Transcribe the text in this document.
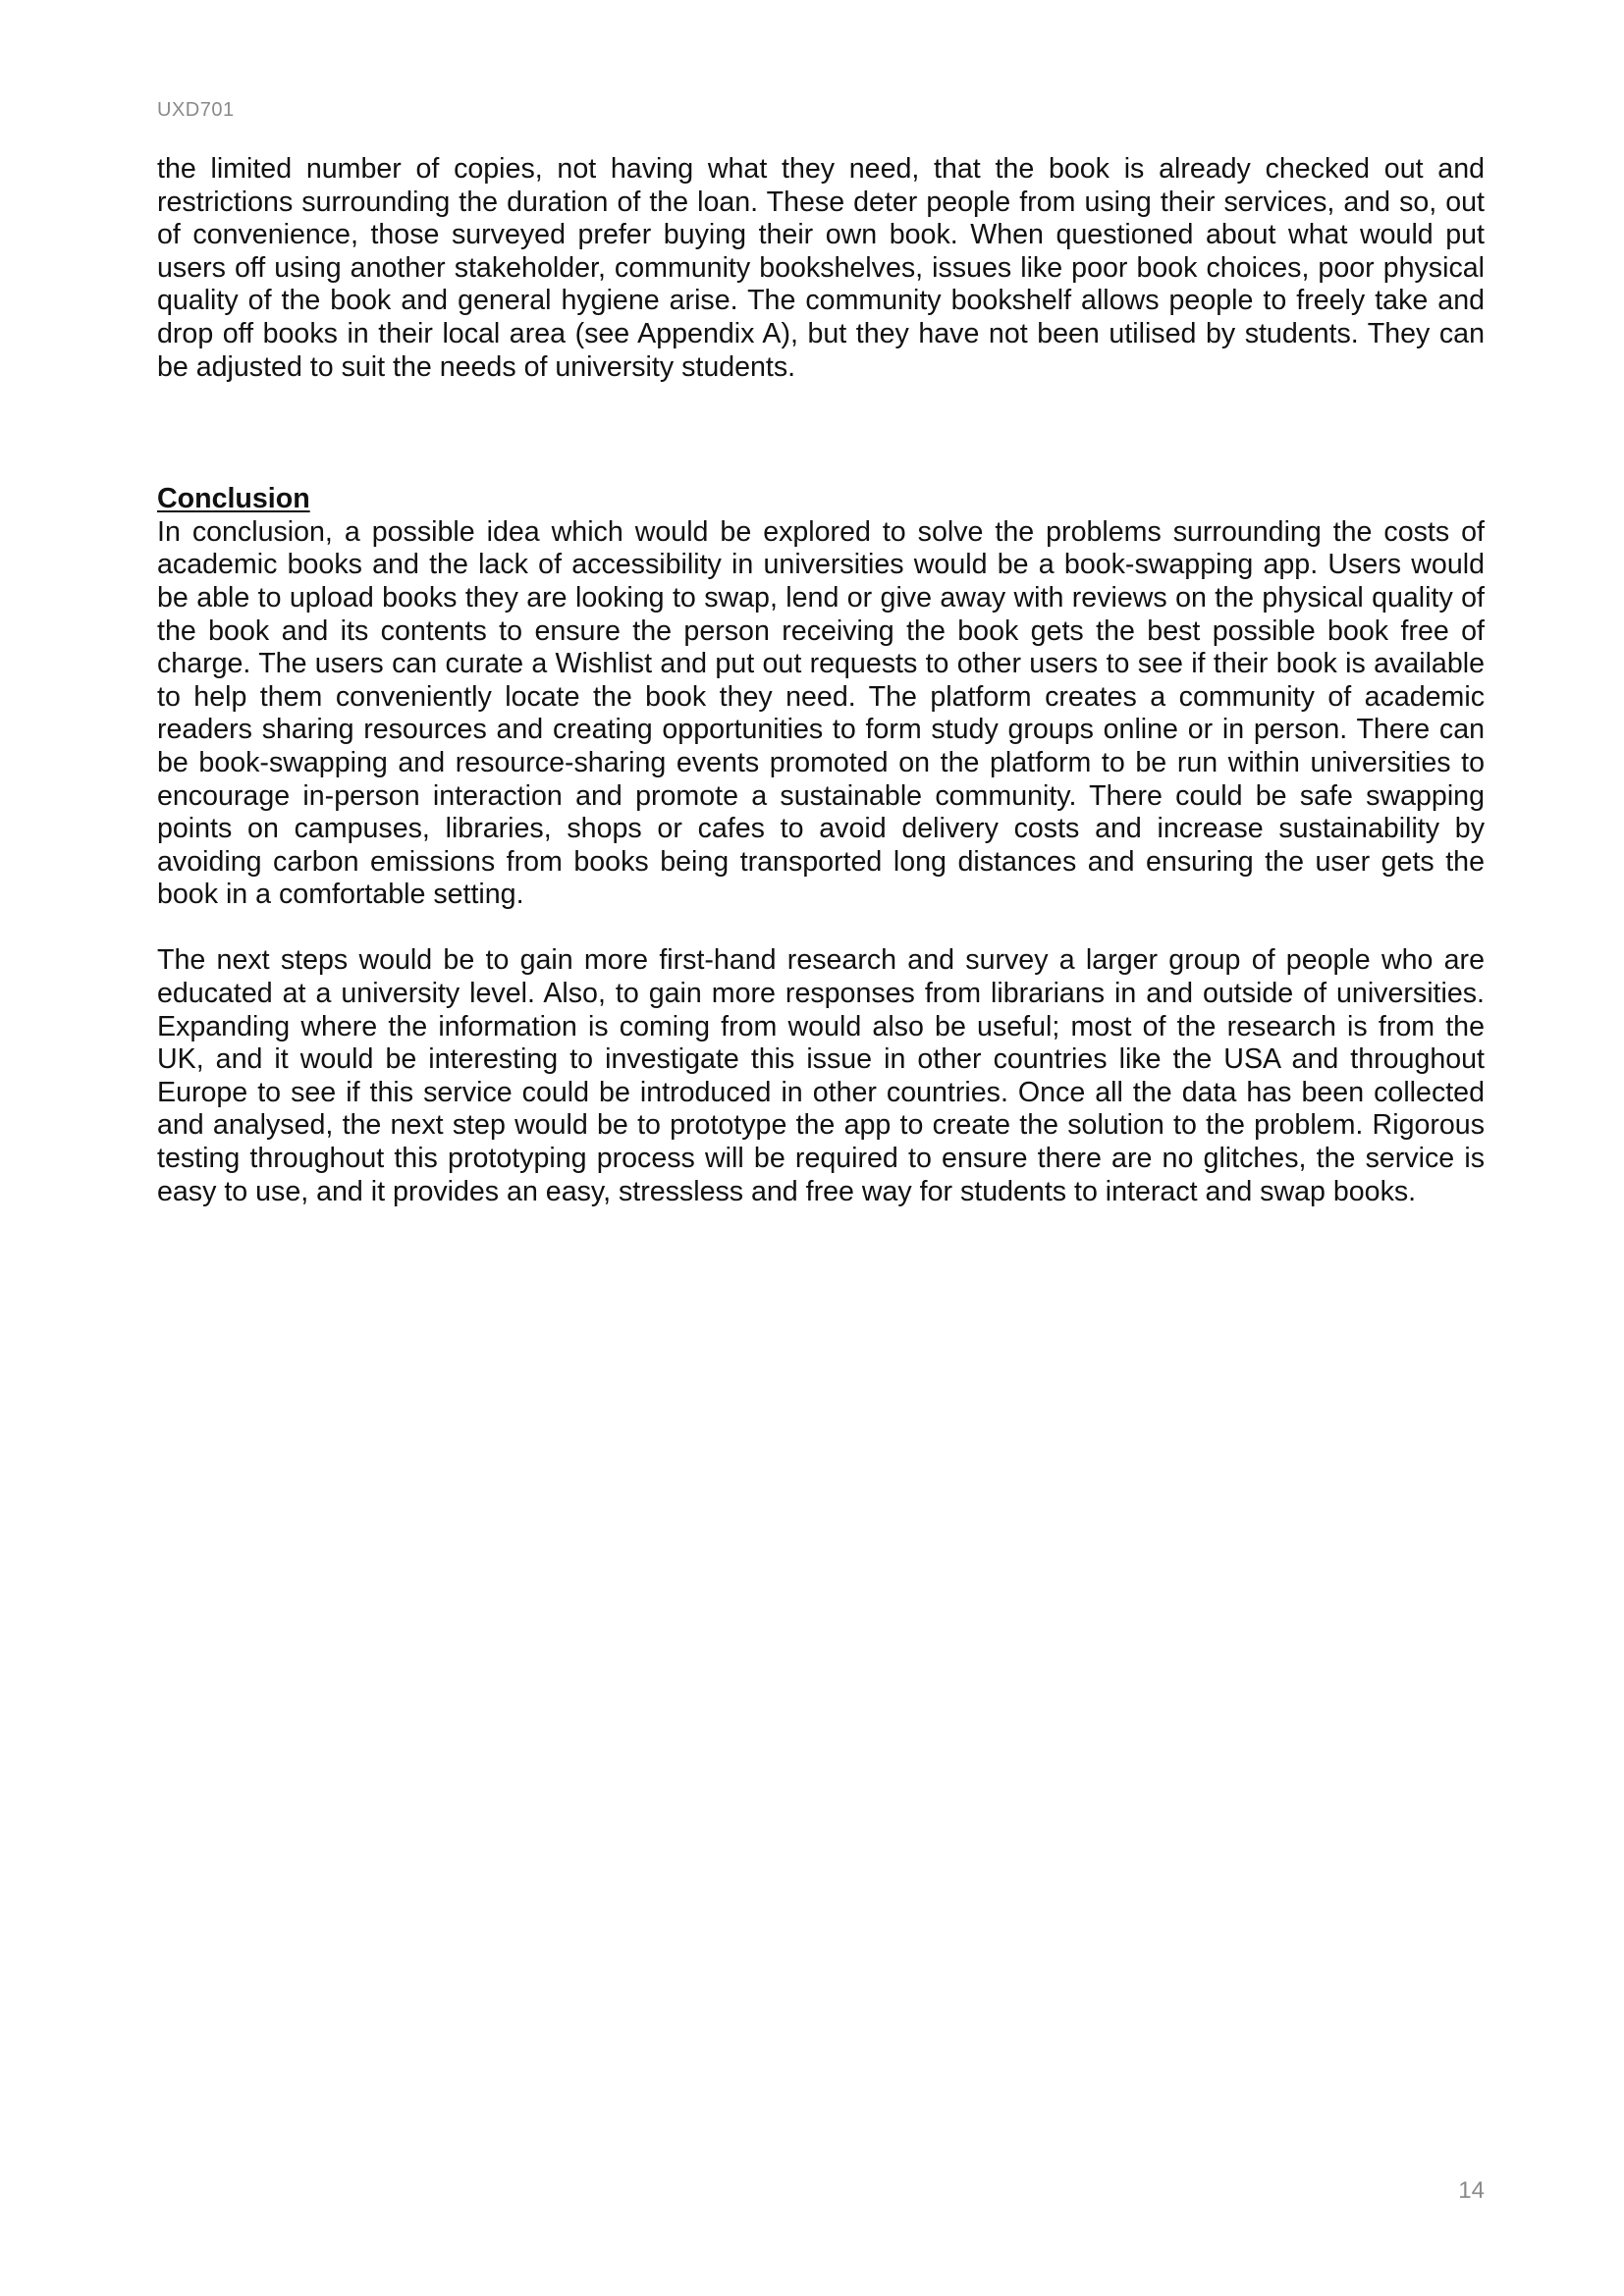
UXD701

the limited number of copies, not having what they need, that the book is already checked out and restrictions surrounding the duration of the loan. These deter people from using their services, and so, out of convenience, those surveyed prefer buying their own book. When questioned about what would put users off using another stakeholder, community bookshelves, issues like poor book choices, poor physical quality of the book and general hygiene arise. The community bookshelf allows people to freely take and drop off books in their local area (see Appendix A), but they have not been utilised by students. They can be adjusted to suit the needs of university students.

Conclusion

In conclusion, a possible idea which would be explored to solve the problems surrounding the costs of academic books and the lack of accessibility in universities would be a book-swapping app. Users would be able to upload books they are looking to swap, lend or give away with reviews on the physical quality of the book and its contents to ensure the person receiving the book gets the best possible book free of charge. The users can curate a Wishlist and put out requests to other users to see if their book is available to help them conveniently locate the book they need. The platform creates a community of academic readers sharing resources and creating opportunities to form study groups online or in person. There can be book-swapping and resource-sharing events promoted on the platform to be run within universities to encourage in-person interaction and promote a sustainable community. There could be safe swapping points on campuses, libraries, shops or cafes to avoid delivery costs and increase sustainability by avoiding carbon emissions from books being transported long distances and ensuring the user gets the book in a comfortable setting.

The next steps would be to gain more first-hand research and survey a larger group of people who are educated at a university level. Also, to gain more responses from librarians in and outside of universities. Expanding where the information is coming from would also be useful; most of the research is from the UK, and it would be interesting to investigate this issue in other countries like the USA and throughout Europe to see if this service could be introduced in other countries. Once all the data has been collected and analysed, the next step would be to prototype the app to create the solution to the problem. Rigorous testing throughout this prototyping process will be required to ensure there are no glitches, the service is easy to use, and it provides an easy, stressless and free way for students to interact and swap books.

14
